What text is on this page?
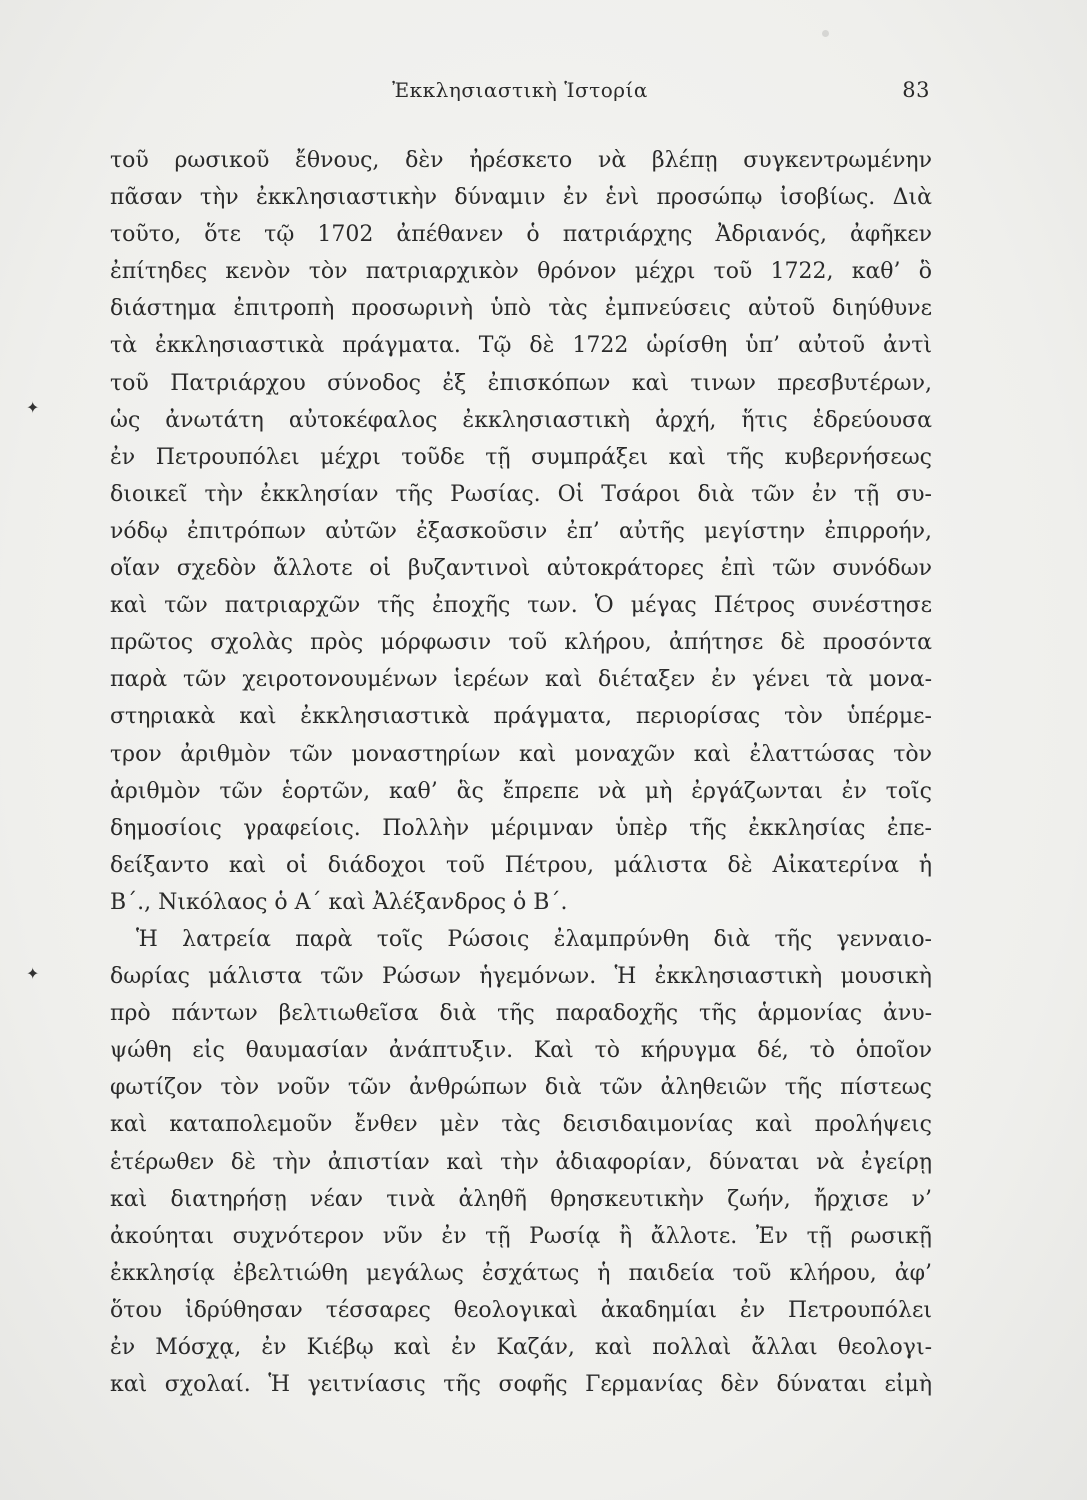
Ἐκκλησιαστικὴ Ἱστορία	83
✦
✦
τοῦ ρωσικοῦ ἔθνους, δὲν ἠρέσκετο νὰ βλέπῃ συγκεντρωμένην
πᾶσαν τὴν ἐκκλησιαστικὴν δύναμιν ἐν ἑνὶ προσώπῳ ἰσοβίως. Διὰ
τοῦτο, ὅτε τῷ 1702 ἀπέθανεν ὁ πατριάρχης Ἀδριανός, ἀφῆκεν
ἐπίτηδες κενὸν τὸν πατριαρχικὸν θρόνον μέχρι τοῦ 1722, καθ’ ὃ
διάστημα ἐπιτροπὴ προσωρινὴ ὑπὸ τὰς ἐμπνεύσεις αὐτοῦ διηύθυνε
τὰ ἐκκλησιαστικὰ πράγματα. Τῷ δὲ 1722 ὡρίσθη ὑπ’ αὐτοῦ ἀντὶ
τοῦ Πατριάρχου σύνοδος ἐξ ἐπισκόπων καὶ τινων πρεσβυτέρων,
ὡς ἀνωτάτη αὐτοκέφαλος ἐκκλησιαστικὴ ἀρχή, ἥτις ἑδρεύουσα
ἐν Πετρουπόλει μέχρι τοῦδε τῇ συμπράξει καὶ τῆς κυβερνήσεως
διοικεῖ τὴν ἐκκλησίαν τῆς Ρωσίας. Οἱ Τσάροι διὰ τῶν ἐν τῇ συ-
νόδῳ ἐπιτρόπων αὐτῶν ἐξασκοῦσιν ἐπ’ αὐτῆς μεγίστην ἐπιρροήν,
οἵαν σχεδὸν ἄλλοτε οἱ βυζαντινοὶ αὐτοκράτορες ἐπὶ τῶν συνόδων
καὶ τῶν πατριαρχῶν τῆς ἐποχῆς των. Ὁ μέγας Πέτρος συνέστησε
πρῶτος σχολὰς πρὸς μόρφωσιν τοῦ κλήρου, ἀπήτησε δὲ προσόντα
παρὰ τῶν χειροτονουμένων ἱερέων καὶ διέταξεν ἐν γένει τὰ μονα-
στηριακὰ καὶ ἐκκλησιαστικὰ πράγματα, περιορίσας τὸν ὑπέρμε-
τρον ἀριθμὸν τῶν μοναστηρίων καὶ μοναχῶν καὶ ἐλαττώσας τὸν
ἀριθμὸν τῶν ἑορτῶν, καθ’ ἃς ἔπρεπε νὰ μὴ ἐργάζωνται ἐν τοῖς
δημοσίοις γραφείοις. Πολλὴν μέριμναν ὑπὲρ τῆς ἐκκλησίας ἐπε-
δείξαντο καὶ οἱ διάδοχοι τοῦ Πέτρου, μάλιστα δὲ Αἰκατερίνα ἡ
Β΄., Νικόλαος ὁ Α΄ καὶ Ἀλέξανδρος ὁ Β΄.
Ἡ λατρεία παρὰ τοῖς Ρώσοις ἐλαμπρύνθη διὰ τῆς γενναιο-
δωρίας μάλιστα τῶν Ρώσων ἡγεμόνων. Ἡ ἐκκλησιαστικὴ μουσικὴ
πρὸ πάντων βελτιωθεῖσα διὰ τῆς παραδοχῆς τῆς ἁρμονίας ἀνυ-
ψώθη εἰς θαυμασίαν ἀνάπτυξιν. Καὶ τὸ κήρυγμα δέ, τὸ ὁποῖον
φωτίζον τὸν νοῦν τῶν ἀνθρώπων διὰ τῶν ἀληθειῶν τῆς πίστεως
καὶ καταπολεμοῦν ἔνθεν μὲν τὰς δεισιδαιμονίας καὶ προλήψεις
ἑτέρωθεν δὲ τὴν ἀπιστίαν καὶ τὴν ἀδιαφορίαν, δύναται νὰ ἐγείρῃ
καὶ διατηρήσῃ νέαν τινὰ ἀληθῆ θρησκευτικὴν ζωήν, ἤρχισε ν’
ἀκούηται συχνότερον νῦν ἐν τῇ Ρωσίᾳ ἢ ἄλλοτε. Ἐν τῇ ρωσικῇ
ἐκκλησίᾳ ἐβελτιώθη μεγάλως ἐσχάτως ἡ παιδεία τοῦ κλήρου, ἀφ’
ὅτου ἱδρύθησαν τέσσαρες θεολογικαὶ ἀκαδημίαι ἐν Πετρουπόλει
ἐν Μόσχᾳ, ἐν Κιέβῳ καὶ ἐν Καζάν, καὶ πολλαὶ ἄλλαι θεολογι-
καὶ σχολαί. Ἡ γειτνίασις τῆς σοφῆς Γερμανίας δὲν δύναται εἰμὴ
